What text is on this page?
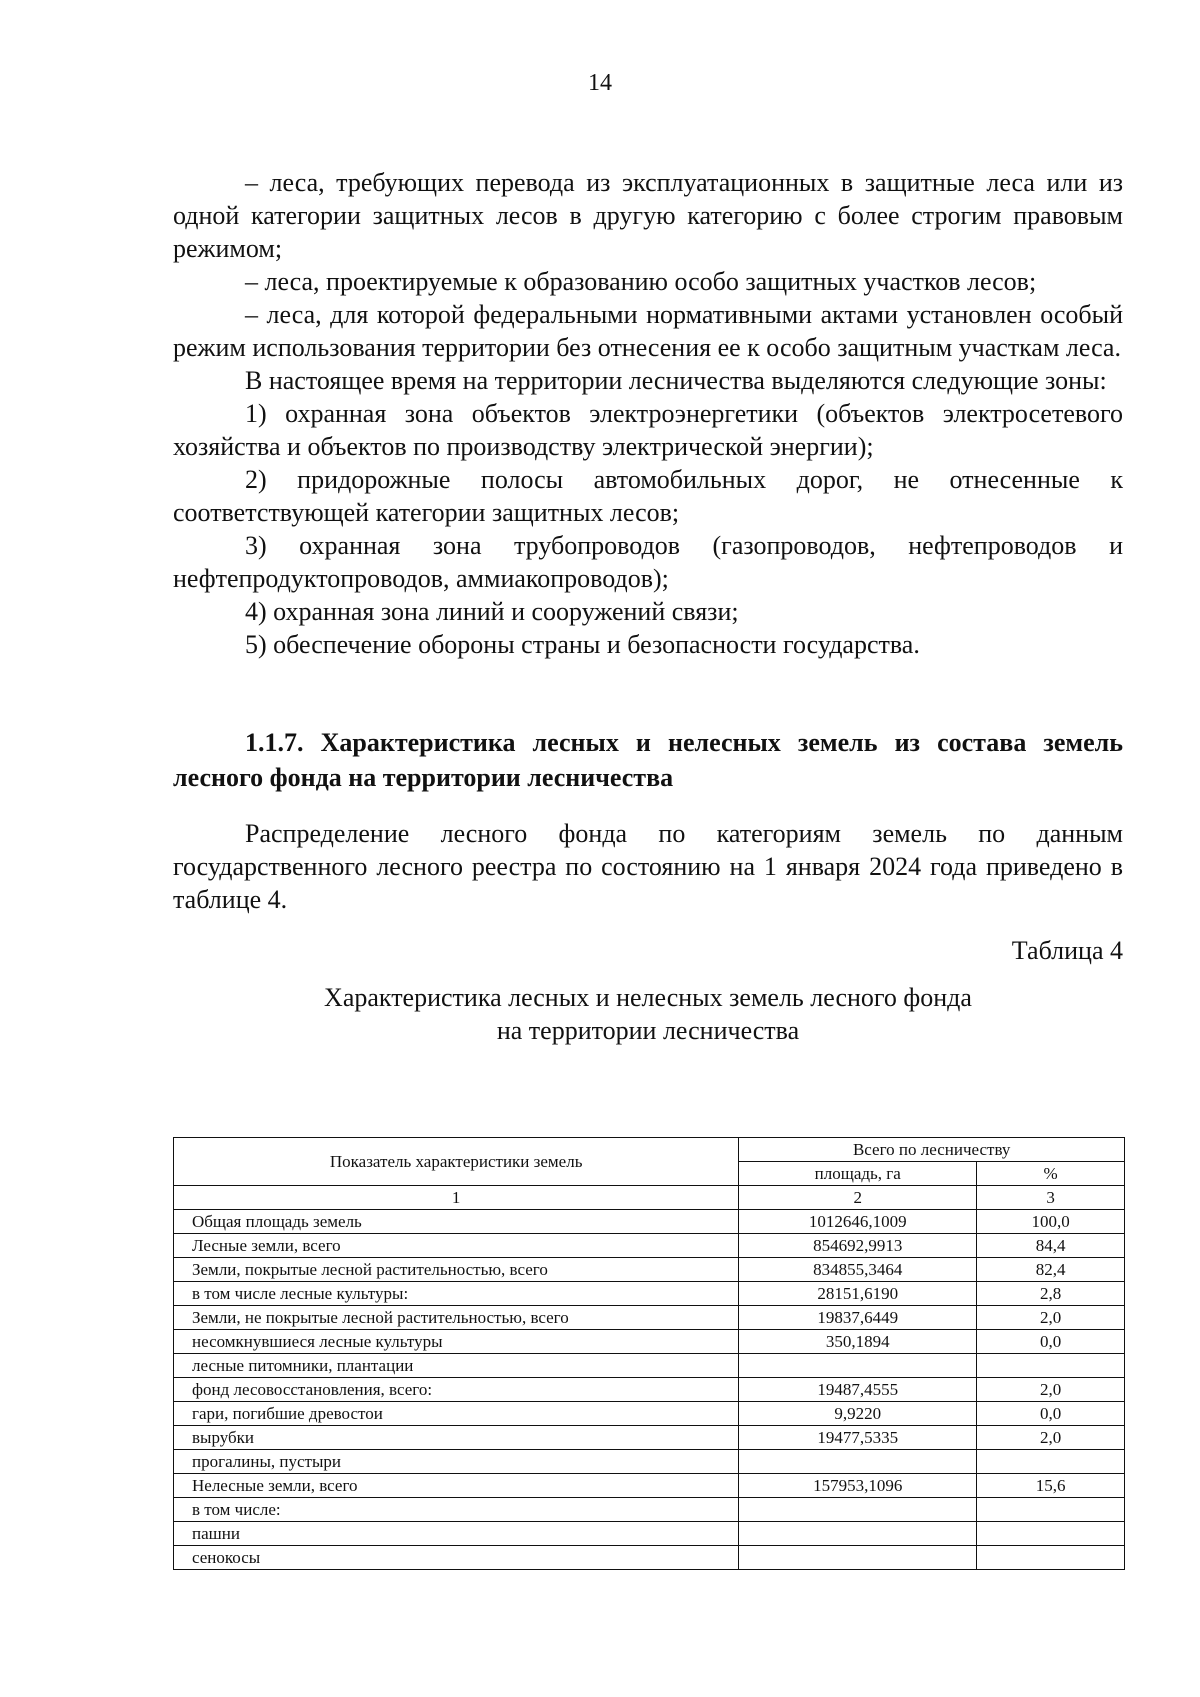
14

– леса, требующих перевода из эксплуатационных в защитные леса или из одной категории защитных лесов в другую категорию с более строгим правовым режимом;

– леса, проектируемые к образованию особо защитных участков лесов;

– леса, для которой федеральными нормативными актами установлен особый режим использования территории без отнесения ее к особо защитным участкам леса.

В настоящее время на территории лесничества выделяются следующие зоны:

1) охранная зона объектов электроэнергетики (объектов электросетевого хозяйства и объектов по производству электрической энергии);

2) придорожные полосы автомобильных дорог, не отнесенные к соответствующей категории защитных лесов;

3) охранная зона трубопроводов (газопроводов, нефтепроводов и нефтепродуктопроводов, аммиакопроводов);

4) охранная зона линий и сооружений связи;

5) обеспечение обороны страны и безопасности государства.

1.1.7. Характеристика лесных и нелесных земель из состава земель лесного фонда на территории лесничества

Распределение лесного фонда по категориям земель по данным государственного лесного реестра по состоянию на 1 января 2024 года приведено в таблице 4.

Таблица 4
Характеристика лесных и нелесных земель лесного фонда
на территории лесничества
Показатель характеристики земель	Всего по лесничеству	
	площадь, га	%
1	2	3
Общая площадь земель	1012646,1009	100,0
Лесные земли, всего	854692,9913	84,4
Земли, покрытые лесной растительностью, всего	834855,3464	82,4
в том числе лесные культуры:	28151,6190	2,8
Земли, не покрытые лесной растительностью, всего	19837,6449	2,0
несомкнувшиеся лесные культуры	350,1894	0,0
лесные питомники, плантации		
фонд лесовосстановления, всего:	19487,4555	2,0
гари, погибшие древостои	9,9220	0,0
вырубки	19477,5335	2,0
прогалины, пустыри		
Нелесные земли, всего	157953,1096	15,6
в том числе:		
пашни		
сенокосы		
